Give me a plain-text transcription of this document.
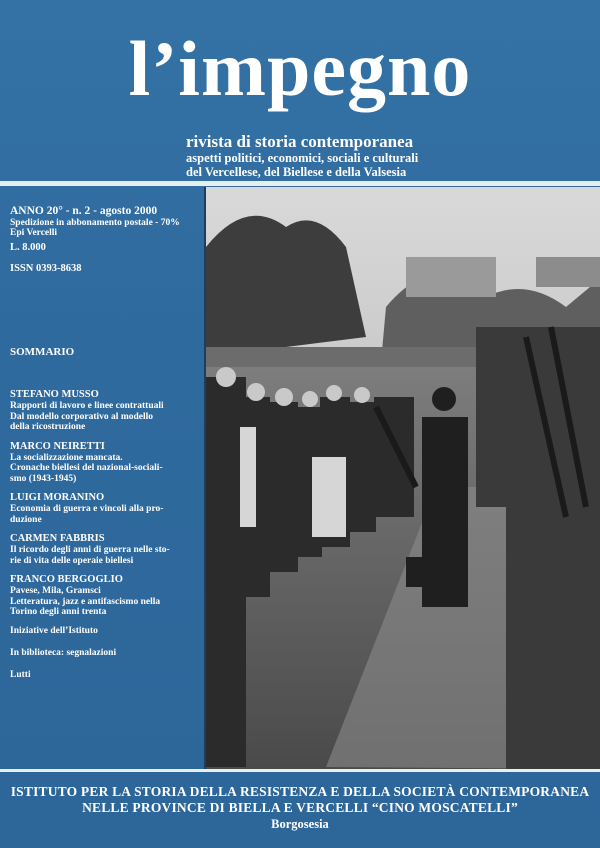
l’impegno
rivista di storia contemporanea
aspetti politici, economici, sociali e culturali
del Vercellese, del Biellese e della Valsesia
ANNO 20° - n. 2 - agosto 2000
Spedizione in abbonamento postale - 70%
Epi Vercelli
L. 8.000
ISSN 0393-8638
SOMMARIO
STEFANO MUSSO
Rapporti di lavoro e linee contrattuali
Dal modello corporativo al modello
della ricostruzione
MARCO NEIRETTI
La socializzazione mancata.
Cronache biellesi del nazional-sociali-
smo (1943-1945)
LUIGI MORANINO
Economia di guerra e vincoli alla pro-
duzione
CARMEN FABBRIS
Il ricordo degli anni di guerra nelle sto-
rie di vita delle operaie biellesi
FRANCO BERGOGLIO
Pavese, Mila, Gramsci
Letteratura, jazz e antifascismo nella
Torino degli anni trenta
Iniziative dell’Istituto
In biblioteca: segnalazioni
Lutti
ISTITUTO PER LA STORIA DELLA RESISTENZA E DELLA SOCIETÀ CONTEMPORANEA
NELLE PROVINCE DI BIELLA E VERCELLI “CINO MOSCATELLI”
Borgosesia
